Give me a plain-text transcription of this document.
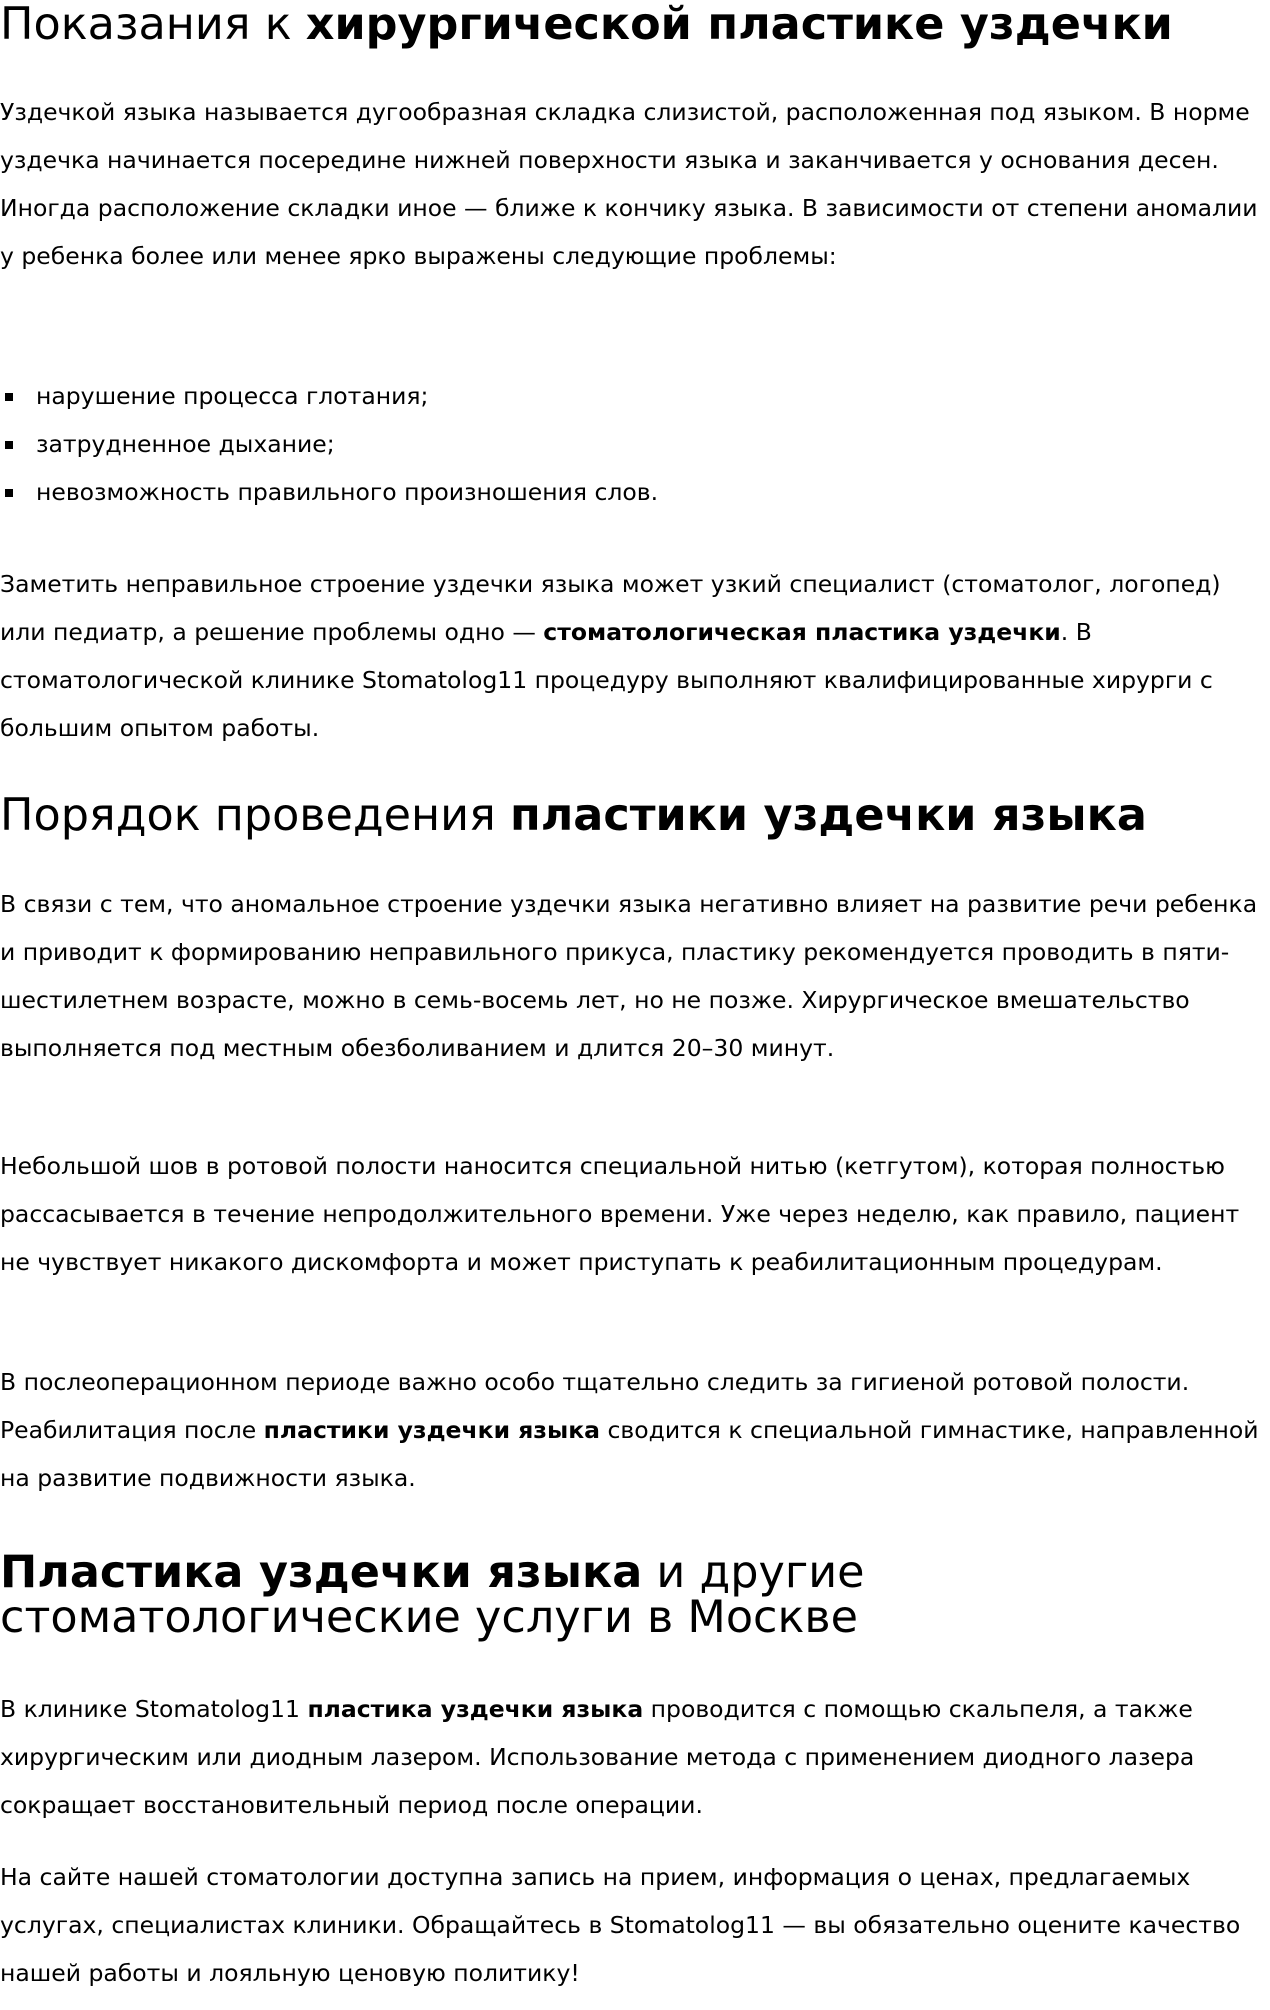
Показания к хирургической пластике уздечки

Уздечкой языка называется дугообразная складка слизистой, расположенная под языком. В норме уздечка начинается посередине нижней поверхности языка и заканчивается у основания десен. Иногда расположение складки иное — ближе к кончику языка. В зависимости от степени аномалии у ребенка более или менее ярко выражены следующие проблемы:

нарушение процесса глотания;
затрудненное дыхание;
невозможность правильного произношения слов.

Заметить неправильное строение уздечки языка может узкий специалист (стоматолог, логопед) или педиатр, а решение проблемы одно — стоматологическая пластика уздечки. В стоматологической клинике Stomatolog11 процедуру выполняют квалифицированные хирурги с большим опытом работы.

Порядок проведения пластики уздечки языка

В связи с тем, что аномальное строение уздечки языка негативно влияет на развитие речи ребенка и приводит к формированию неправильного прикуса, пластику рекомендуется проводить в пяти-шестилетнем возрасте, можно в семь-восемь лет, но не позже. Хирургическое вмешательство выполняется под местным обезболиванием и длится 20–30 минут.

Небольшой шов в ротовой полости наносится специальной нитью (кетгутом), которая полностью рассасывается в течение непродолжительного времени. Уже через неделю, как правило, пациент не чувствует никакого дискомфорта и может приступать к реабилитационным процедурам.

В послеоперационном периоде важно особо тщательно следить за гигиеной ротовой полости. Реабилитация после пластики уздечки языка сводится к специальной гимнастике, направленной на развитие подвижности языка.

Пластика уздечки языка и другие стоматологические услуги в Москве

В клинике Stomatolog11 пластика уздечки языка проводится с помощью скальпеля, а также хирургическим или диодным лазером. Использование метода с применением диодного лазера сокращает восстановительный период после операции.

На сайте нашей стоматологии доступна запись на прием, информация о ценах, предлагаемых услугах, специалистах клиники. Обращайтесь в Stomatolog11 — вы обязательно оцените качество нашей работы и лояльную ценовую политику!
